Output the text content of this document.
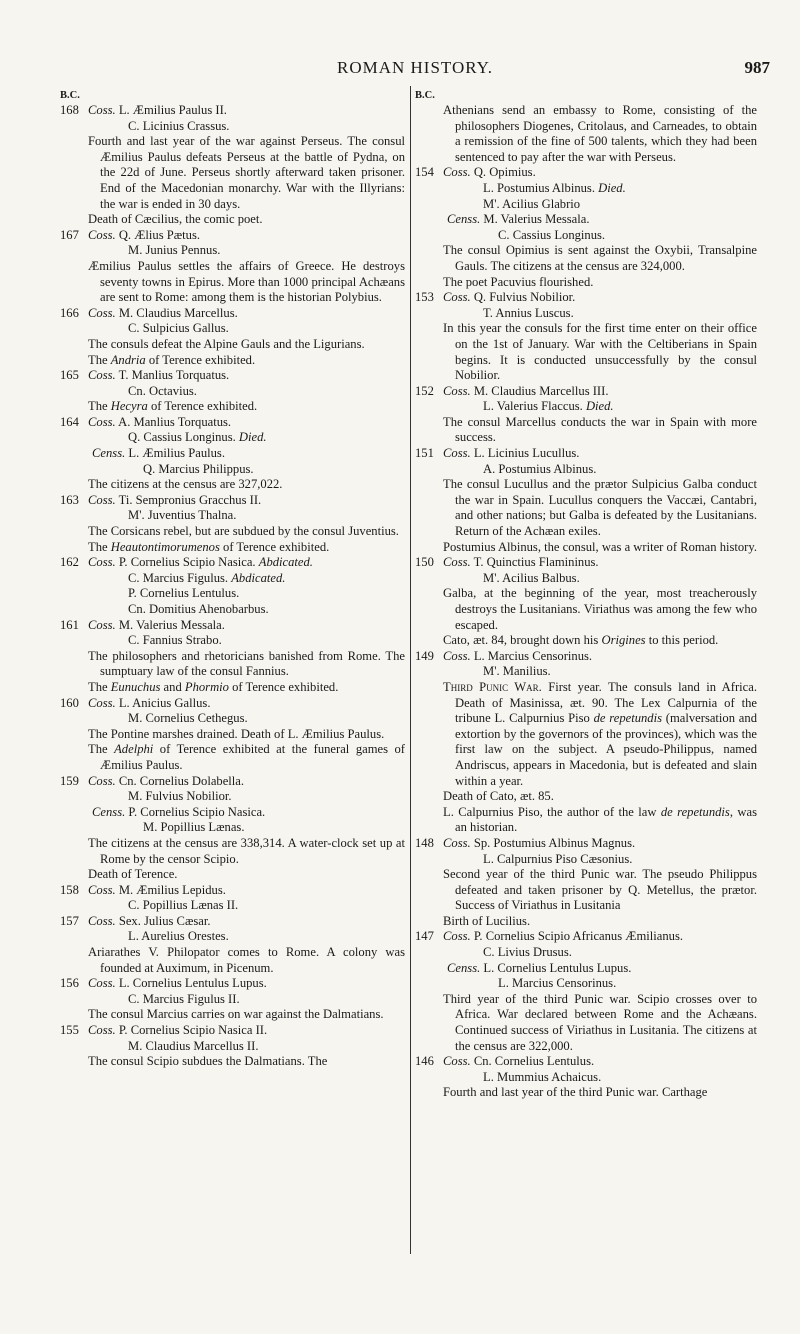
ROMAN HISTORY.	987
B.C.
168 Coss. L. Æmilius Paulus II.
C. Licinius Crassus.
Fourth and last year of the war against Perseus. The consul Æmilius Paulus defeats Perseus at the battle of Pydna, on the 22d of June. Perseus shortly afterward taken prisoner. End of the Macedonian monarchy. War with the Illyrians: the war is ended in 30 days.
Death of Cæcilius, the comic poet.
167 Coss. Q. Ælius Pætus.
M. Junius Pennus.
Æmilius Paulus settles the affairs of Greece. He destroys seventy towns in Epirus. More than 1000 principal Achæans are sent to Rome: among them is the historian Polybius.
166 Coss. M. Claudius Marcellus.
C. Sulpicius Gallus.
The consuls defeat the Alpine Gauls and the Ligurians.
The Andria of Terence exhibited.
165 Coss. T. Manlius Torquatus.
Cn. Octavius.
The Hecyra of Terence exhibited.
164 Coss. A. Manlius Torquatus.
Q. Cassius Longinus. Died.
Censs. L. Æmilius Paulus.
Q. Marcius Philippus.
The citizens at the census are 327,022.
163 Coss. Ti. Sempronius Gracchus II.
M'. Juventius Thalna.
The Corsicans rebel, but are subdued by the consul Juventius.
The Heautontimorumenos of Terence exhibited.
162 Coss. P. Cornelius Scipio Nasica. Abdicated.
C. Marcius Figulus. Abdicated.
P. Cornelius Lentulus.
Cn. Domitius Ahenobarbus.
161 Coss. M. Valerius Messala.
C. Fannius Strabo.
The philosophers and rhetoricians banished from Rome. The sumptuary law of the consul Fannius.
The Eunuchus and Phormio of Terence exhibited.
160 Coss. L. Anicius Gallus.
M. Cornelius Cethegus.
The Pontine marshes drained. Death of L. Æmilius Paulus.
The Adelphi of Terence exhibited at the funeral games of Æmilius Paulus.
159 Coss. Cn. Cornelius Dolabella.
M. Fulvius Nobilior.
Censs. P. Cornelius Scipio Nasica.
M. Popillius Lænas.
The citizens at the census are 338,314. A water-clock set up at Rome by the censor Scipio.
Death of Terence.
158 Coss. M. Æmilius Lepidus.
C. Popillius Lænas II.
157 Coss. Sex. Julius Cæsar.
L. Aurelius Orestes.
Ariarathes V. Philopator comes to Rome. A colony was founded at Auximum, in Picenum.
156 Coss. L. Cornelius Lentulus Lupus.
C. Marcius Figulus II.
The consul Marcius carries on war against the Dalmatians.
155 Coss. P. Cornelius Scipio Nasica II.
M. Claudius Marcellus II.
The consul Scipio subdues the Dalmatians. The
B.C.
Athenians send an embassy to Rome, consisting of the philosophers Diogenes, Critolaus, and Carneades, to obtain a remission of the fine of 500 talents, which they had been sentenced to pay after the war with Perseus.
154 Coss. Q. Opimius.
L. Postumius Albinus. Died.
M'. Acilius Glabrio
Censs. M. Valerius Messala.
C. Cassius Longinus.
The consul Opimius is sent against the Oxybii, Transalpine Gauls. The citizens at the census are 324,000.
The poet Pacuvius flourished.
153 Coss. Q. Fulvius Nobilior.
T. Annius Luscus.
In this year the consuls for the first time enter on their office on the 1st of January. War with the Celtiberians in Spain begins. It is conducted unsuccessfully by the consul Nobilior.
152 Coss. M. Claudius Marcellus III.
L. Valerius Flaccus. Died.
The consul Marcellus conducts the war in Spain with more success.
151 Coss. L. Licinius Lucullus.
A. Postumius Albinus.
The consul Lucullus and the prætor Sulpicius Galba conduct the war in Spain. Lucullus conquers the Vaccæi, Cantabri, and other nations; but Galba is defeated by the Lusitanians. Return of the Achæan exiles.
Postumius Albinus, the consul, was a writer of Roman history.
150 Coss. T. Quinctius Flamininus.
M'. Acilius Balbus.
Galba, at the beginning of the year, most treacherously destroys the Lusitanians. Viriathus was among the few who escaped.
Cato, æt. 84, brought down his Origines to this period.
149 Coss. L. Marcius Censorinus.
M'. Manilius.
Third Punic War. First year. The consuls land in Africa. Death of Masinissa, æt. 90. The Lex Calpurnia of the tribune L. Calpurnius Piso de repetundis (malversation and extortion by the governors of the provinces), which was the first law on the subject. A pseudo-Philippus, named Andriscus, appears in Macedonia, but is defeated and slain within a year.
Death of Cato, æt. 85.
L. Calpurnius Piso, the author of the law de repetundis, was an historian.
148 Coss. Sp. Postumius Albinus Magnus.
L. Calpurnius Piso Cæsonius.
Second year of the third Punic war. The pseudo Philippus defeated and taken prisoner by Q. Metellus, the prætor. Success of Viriathus in Lusitania
Birth of Lucilius.
147 Coss. P. Cornelius Scipio Africanus Æmilianus.
C. Livius Drusus.
Censs. L. Cornelius Lentulus Lupus.
L. Marcius Censorinus.
Third year of the third Punic war. Scipio crosses over to Africa. War declared between Rome and the Achæans. Continued success of Viriathus in Lusitania. The citizens at the census are 322,000.
146 Coss. Cn. Cornelius Lentulus.
L. Mummius Achaicus.
Fourth and last year of the third Punic war. Carthage
